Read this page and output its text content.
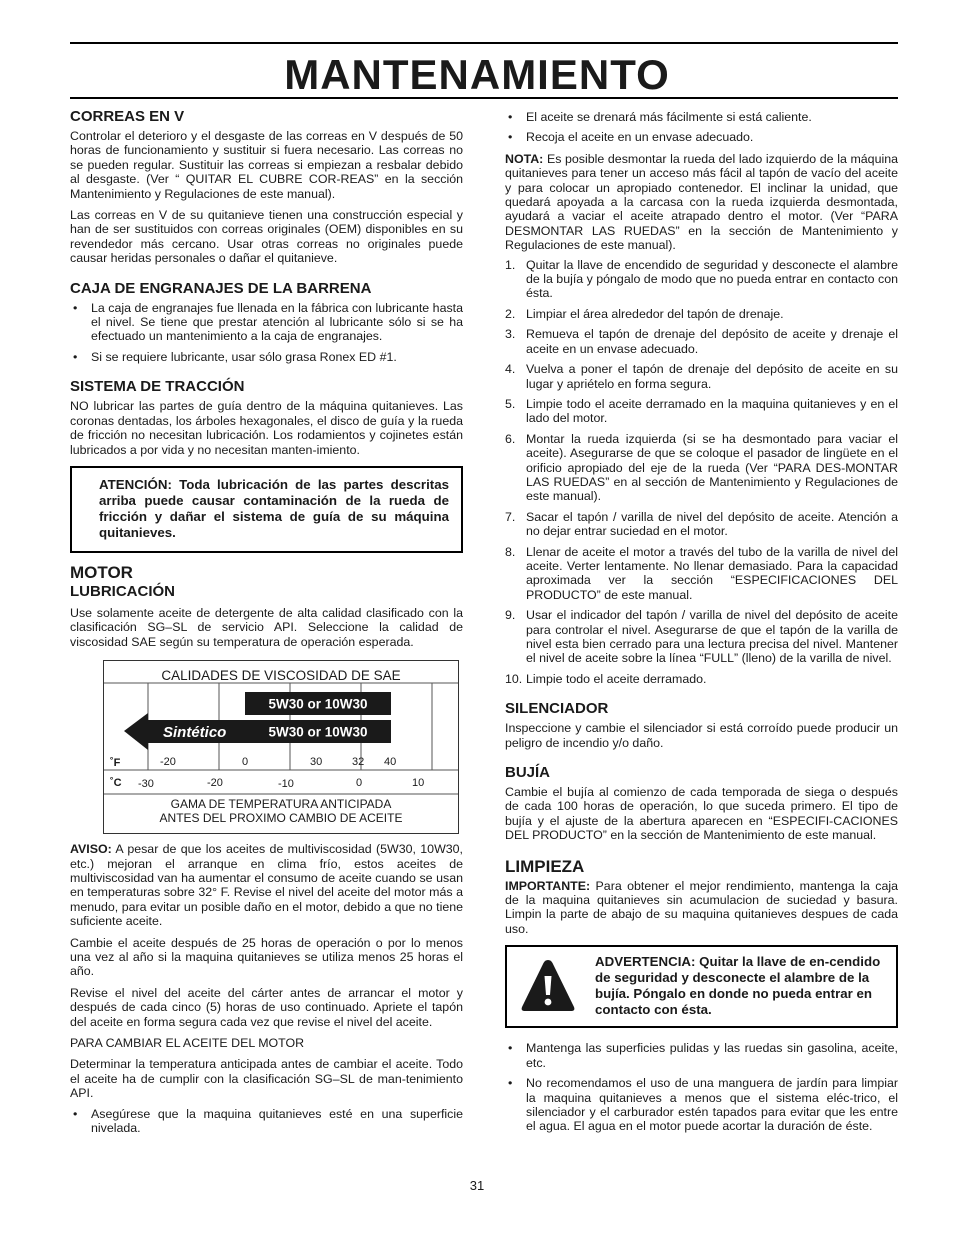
MANTENAMIENTO
CORREAS EN V

Controlar el deterioro y el desgaste de las correas en V después de 50 horas de funcionamiento y sustituir si fuera necesario. Las correas no se pueden regular. Sustituir las correas si empiezan a resbalar debido al desgaste. (Ver “ QUITAR EL CUBRE COR-REAS” en la sección Mantenimiento y Regulaciones de este manual).

Las correas en V de su quitanieve tienen una construcción especial y han de ser sustituidos con correas originales (OEM) disponibles en su revendedor más cercano. Usar otras correas no originales puede causar heridas personales o dañar el quitanieve.

CAJA DE ENGRANAJES DE LA BARRENA
• La caja de engranajes fue llenada en la fábrica con lubricante hasta el nivel. Se tiene que prestar atención al lubricante sólo si se ha efectuado un mantenimiento a la caja de engranajes.
• Si se requiere lubricante, usar sólo grasa Ronex ED #1.
SISTEMA DE TRACCIÓN

NO lubricar las partes de guía dentro de la máquina quitanieves. Las coronas dentadas, los árboles hexagonales, el disco de guía y la rueda de fricción no necesitan lubricación. Los rodamientos y cojinetes están lubricados a por vida y no necesitan manten-imiento.

ATENCIÓN: Toda lubricación de las partes descritas arriba puede causar contaminación de la rueda de fricción y dañar el sistema de guía de su máquina quitanieves.

MOTOR
LUBRICACIÓN

Use solamente aceite de detergente de alta calidad clasificado con la clasificación SG–SL de servicio API. Seleccione la calidad de viscosidad SAE según su temperatura de operación esperada.

CALIDADES DE VISCOSIDAD DE SAE
5W30 or 10W30
Sintético	5W30 or 10W30
˚F	-20	0	30	32 40
˚C -30	-20	-10	0	10
GAMA DE TEMPERATURA ANTICIPADA
ANTES DEL PROXIMO CAMBIO DE ACEITE

AVISO: A pesar de que los aceites de multiviscosidad (5W30, 10W30, etc.) mejoran el arranque en clima frío, estos aceites de multiviscosidad van ha aumentar el consumo de aceite cuando se usan en temperaturas sobre 32° F. Revise el nivel del aceite del motor más a menudo, para evitar un posible daño en el motor, debido a que no tiene suficiente aceite.

Cambie el aceite después de 25 horas de operación o por lo menos una vez al año si la maquina quitanieves se utiliza menos 25 horas el año.

Revise el nivel del aceite del cárter antes de arrancar el motor y después de cada cinco (5) horas de uso continuado. Apriete el tapón del aceite en forma segura cada vez que revise el nivel del aceite.

PARA CAMBIAR EL ACEITE DEL MOTOR

Determinar la temperatura anticipada antes de cambiar el aceite. Todo el aceite ha de cumplir con la clasificación SG–SL de man-tenimiento API.

• Asegúrese que la maquina quitanieves esté en una superficie nivelada.
• El aceite se drenará más fácilmente si está caliente.
• Recoja el aceite en un envase adecuado.

NOTA: Es posible desmontar la rueda del lado izquierdo de la máquina quitanieves para tener un acceso más fácil al tapón de vacío del aceite y para colocar un apropiado contenedor. El inclinar la unidad, que quedará apoyada a la carcasa con la rueda izquierda desmontada, ayudará a vaciar el aceite atrapado dentro el motor. (Ver “PARA DESMONTAR LAS RUEDAS” en la sección de Mantenimiento y Regulaciones de este manual).

1. Quitar la llave de encendido de seguridad y desconecte el alambre de la bujía y póngalo de modo que no pueda entrar en contacto con ésta.
2. Limpiar el área alrededor del tapón de drenaje.
3. Remueva el tapón de drenaje del depósito de aceite y drenaje el aceite en un envase adecuado.
4. Vuelva a poner el tapón de drenaje del depósito de aceite en su lugar y apriételo en forma segura.
5. Limpie todo el aceite derramado en la maquina quitanieves y en el lado del motor.
6. Montar la rueda izquierda (si se ha desmontado para vaciar el aceite). Asegurarse de que se coloque el pasador de lingüete en el orificio apropiado del eje de la rueda (Ver “PARA DES-MONTAR LAS RUEDAS” en al sección de Mantenimiento y Regulaciones de este manual).
7. Sacar el tapón / varilla de nivel del depósito de aceite. Atención a no dejar entrar suciedad en el motor.
8. Llenar de aceite el motor a través del tubo de la varilla de nivel del aceite. Verter lentamente. No llenar demasiado. Para la capacidad aproximada ver la sección “ESPECIFICACIONES DEL PRODUCTO” de este manual.
9. Usar el indicador del tapón / varilla de nivel del depósito de aceite para controlar el nivel. Asegurarse de que el tapón de la varilla de nivel esta bien cerrado para una lectura precisa del nivel. Mantener el nivel de aceite sobre la línea “FULL” (lleno) de la varilla de nivel.
10. Limpie todo el aceite derramado.
SILENCIADOR

Inspeccione y cambie el silenciador si está corroído puede producir un peligro de incendio y/o daño.

BUJÍA

Cambie el bujía al comienzo de cada temporada de siega o después de cada 100 horas de operación, lo que suceda primero. El tipo de bujía y el ajuste de la abertura aparecen en “ESPECIFI-CACIONES DEL PRODUCTO” en la sección de Mantenimiento de este manual.

LIMPIEZA

IMPORTANTE: Para obtener el mejor rendimiento, mantenga la caja de la maquina quitanieves sin acumulacion de suciedad y basura. Limpin la parte de abajo de su maquina quitanieves despues de cada uso.

ADVERTENCIA: Quitar la llave de en-cendido de seguridad y desconecte el alambre de la bujía. Póngalo en donde no pueda entrar en contacto con ésta.

• Mantenga las superficies pulidas y las ruedas sin gasolina, aceite, etc.
• No recomendamos el uso de una manguera de jardín para limpiar la maquina quitanieves a menos que el sistema eléc-trico, el silenciador y el carburador estén tapados para evitar que les entre el agua. El agua en el motor puede acortar la duración de éste.
31
